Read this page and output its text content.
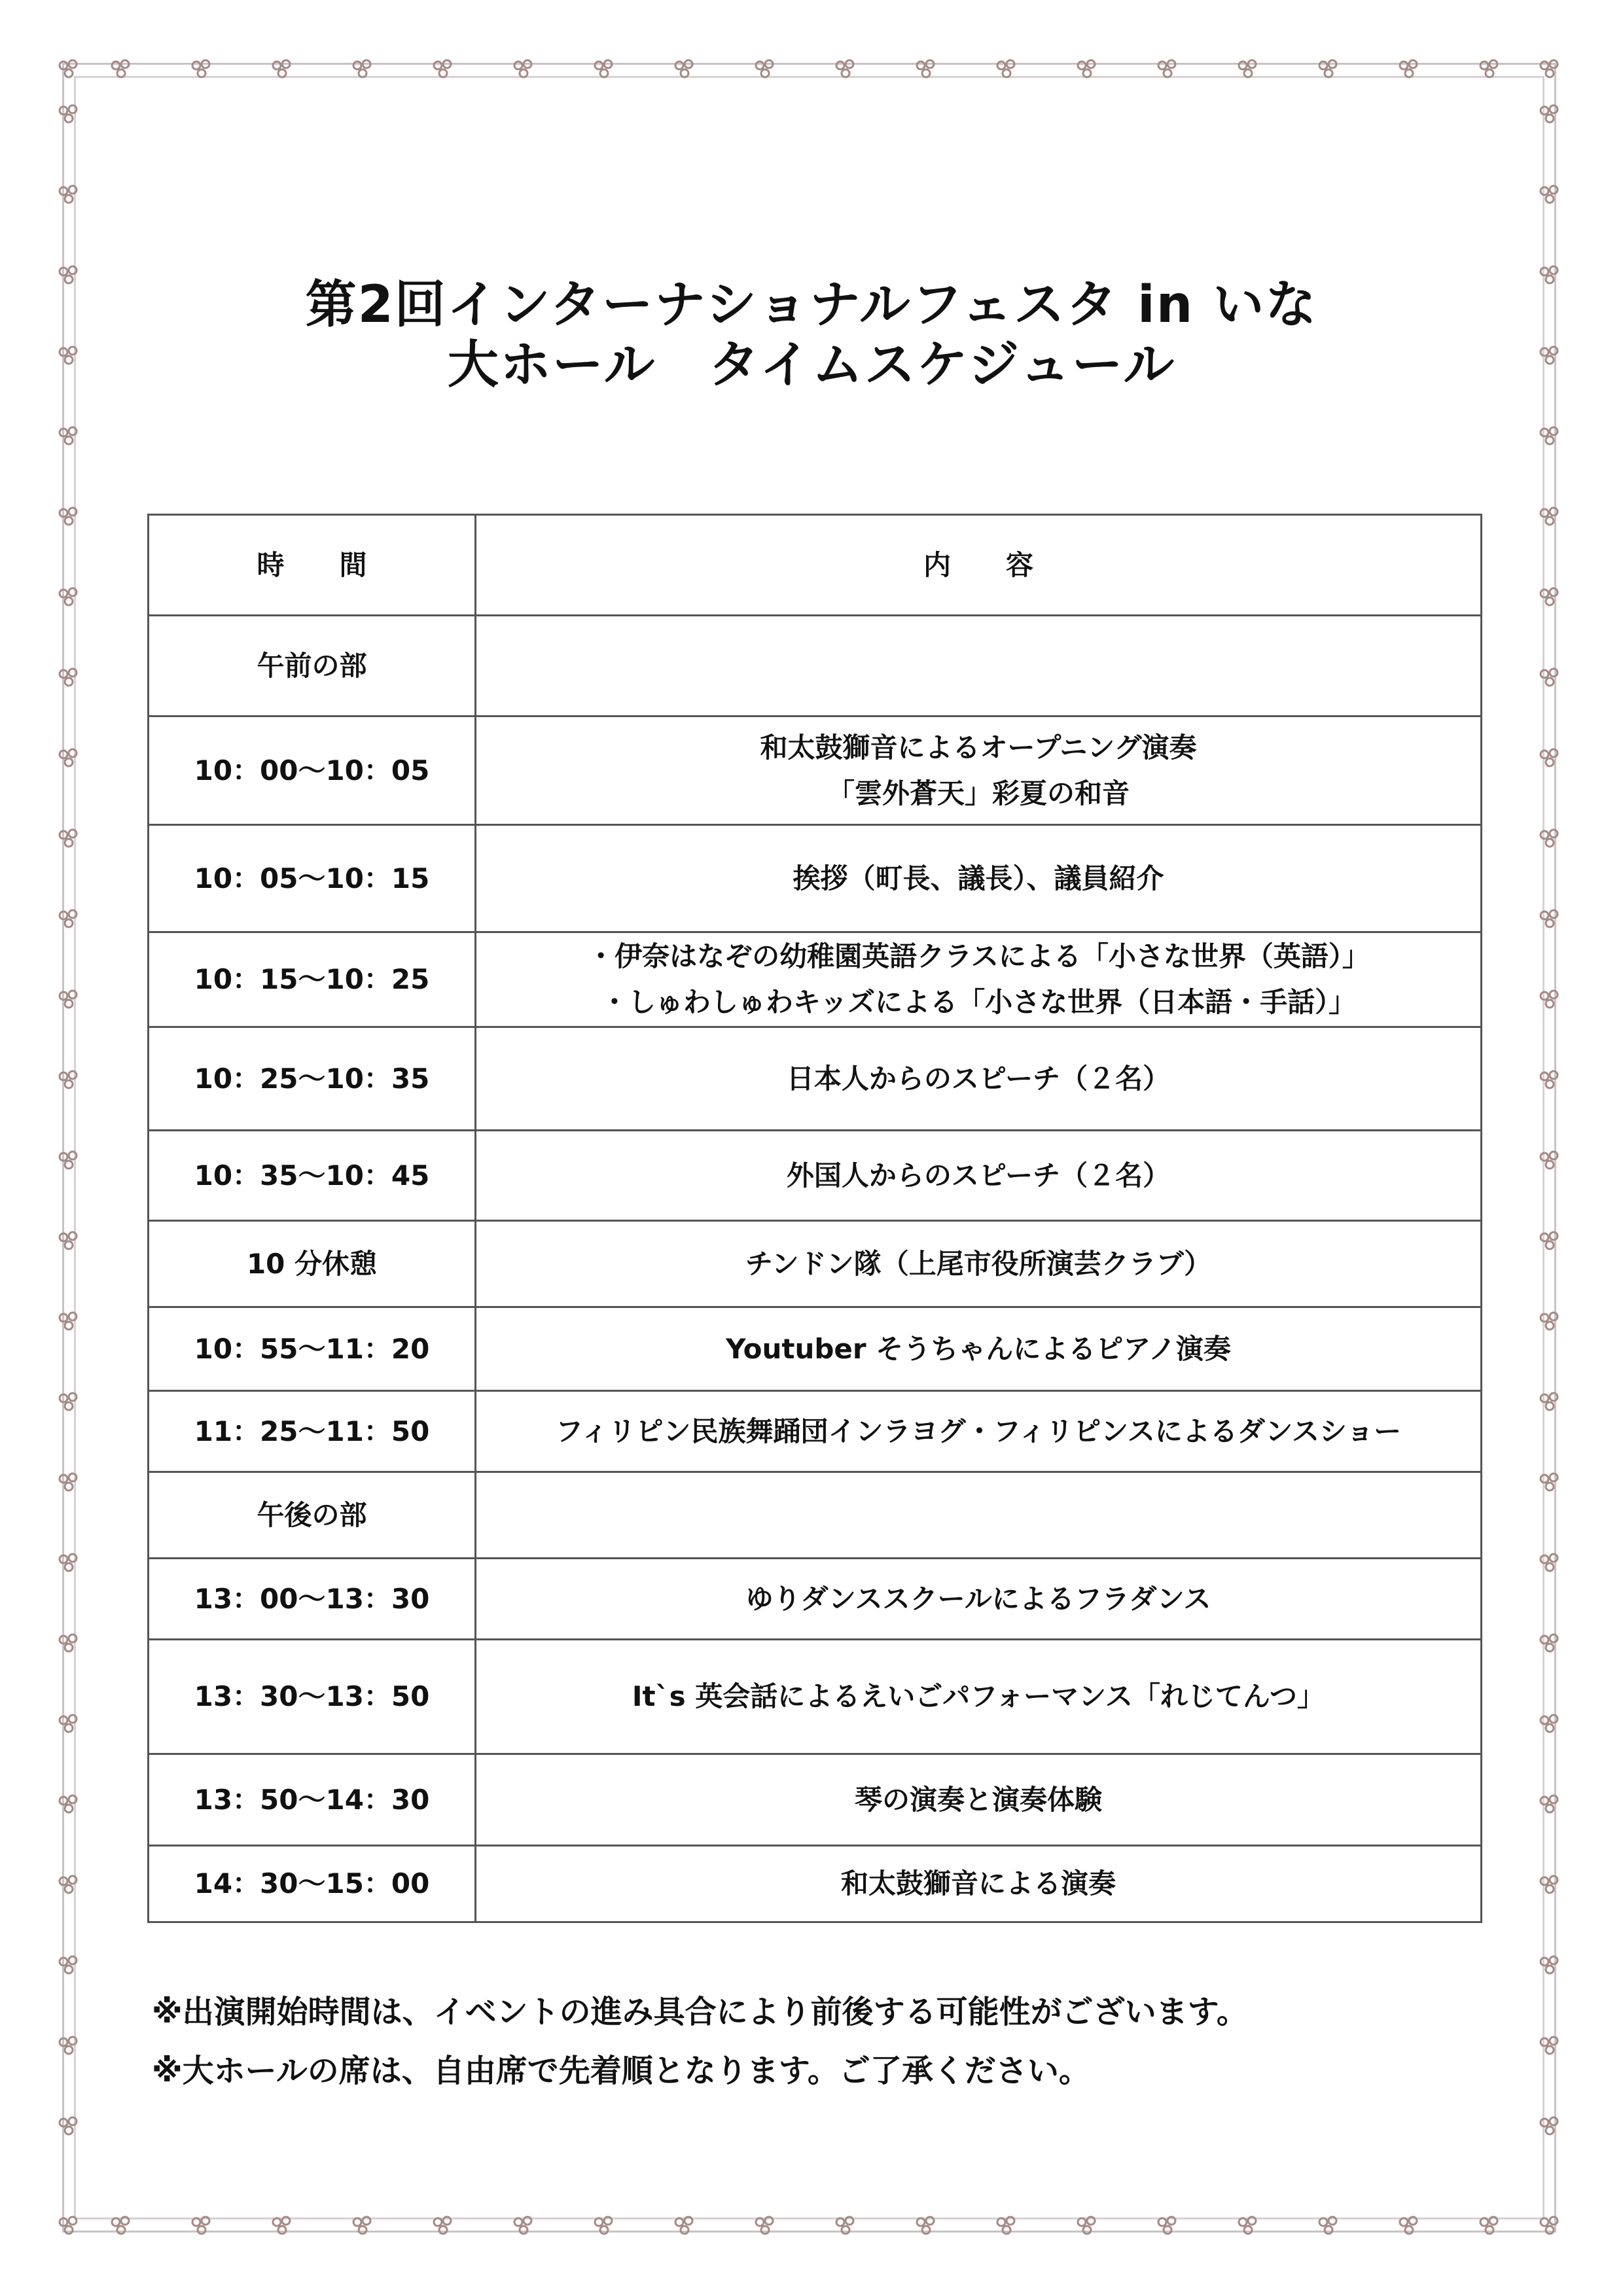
第2回インターナショナルフェスタ in いな
大ホール　タイムスケジュール
時　　間	内　　容
午前の部	

10：00～10：05	和太鼓獅音によるオープニング演奏
「雲外蒼天」彩夏の和音

10：05～10：15	挨拶（町長、議長）、議員紹介

10：15～10：25	・伊奈はなぞの幼稚園英語クラスによる「小さな世界（英語）」
・しゅわしゅわキッズによる「小さな世界（日本語・手話）」

10：25～10：35	日本人からのスピーチ（２名）

10：35～10：45	外国人からのスピーチ（２名）

10 分休憩	チンドン隊（上尾市役所演芸クラブ）

10：55～11：20	Youtuber そうちゃんによるピアノ演奏

11：25～11：50	フィリピン民族舞踊団インラヨグ・フィリピンスによるダンスショー

午後の部	

13：00～13：30	ゆりダンススクールによるフラダンス

13：30～13：50	It`s 英会話によるえいごパフォーマンス「れじてんつ」

13：50～14：30	琴の演奏と演奏体験

14：30～15：00	和太鼓獅音による演奏
※出演開始時間は、イベントの進み具合により前後する可能性がございます。
※大ホールの席は、自由席で先着順となります。ご了承ください。
